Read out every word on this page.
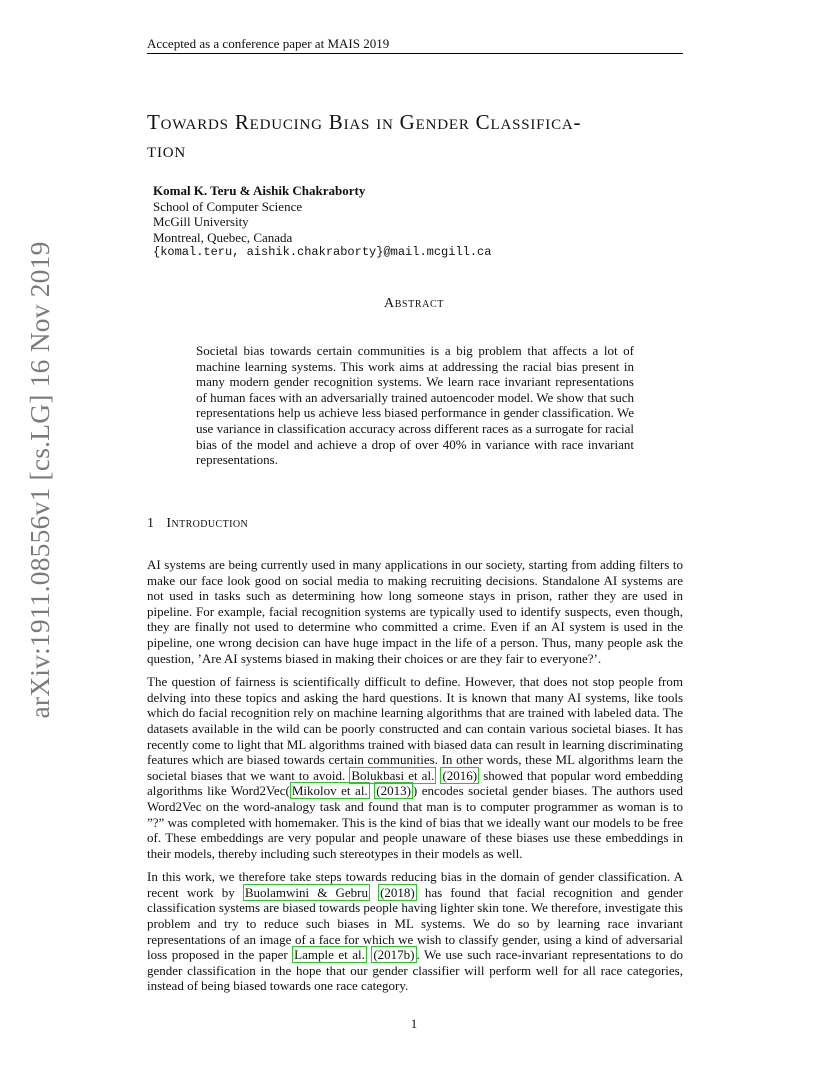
Accepted as a conference paper at MAIS 2019
arXiv:1911.08556v1 [cs.LG] 16 Nov 2019
Towards Reducing Bias in Gender Classifica-
tion
Komal K. Teru & Aishik Chakraborty
School of Computer Science
McGill University
Montreal, Quebec, Canada
{komal.teru, aishik.chakraborty}@mail.mcgill.ca
Abstract
Societal bias towards certain communities is a big problem that affects a lot of machine learning systems. This work aims at addressing the racial bias present in many modern gender recognition systems. We learn race invariant representations of human faces with an adversarially trained autoencoder model. We show that such representations help us achieve less biased performance in gender classification. We use variance in classification accuracy across different races as a surrogate for racial bias of the model and achieve a drop of over 40% in variance with race invariant representations.
1 Introduction

AI systems are being currently used in many applications in our society, starting from adding filters to make our face look good on social media to making recruiting decisions. Standalone AI systems are not used in tasks such as determining how long someone stays in prison, rather they are used in pipeline. For example, facial recognition systems are typically used to identify suspects, even though, they are finally not used to determine who committed a crime. Even if an AI system is used in the pipeline, one wrong decision can have huge impact in the life of a person. Thus, many people ask the question, ’Are AI systems biased in making their choices or are they fair to everyone?’.

The question of fairness is scientifically difficult to define. However, that does not stop people from delving into these topics and asking the hard questions. It is known that many AI systems, like tools which do facial recognition rely on machine learning algorithms that are trained with labeled data. The datasets available in the wild can be poorly constructed and can contain various societal biases. It has recently come to light that ML algorithms trained with biased data can result in learning discriminating features which are biased towards certain communities. In other words, these ML algorithms learn the societal biases that we want to avoid. Bolukbasi et al. (2016) showed that popular word embedding algorithms like Word2Vec( Mikolov et al. (2013) ) encodes societal gender biases. The authors used Word2Vec on the word-analogy task and found that man is to computer programmer as woman is to ”?” was completed with homemaker. This is the kind of bias that we ideally want our models to be free of. These embeddings are very popular and people unaware of these biases use these embeddings in their models, thereby including such stereotypes in their models as well.

In this work, we therefore take steps towards reducing bias in the domain of gender classification. A recent work by Buolamwini & Gebru (2018) has found that facial recognition and gender classification systems are biased towards people having lighter skin tone. We therefore, investigate this problem and try to reduce such biases in ML systems. We do so by learning race invariant representations of an image of a face for which we wish to classify gender, using a kind of adversarial loss proposed in the paper Lample et al. (2017b) . We use such race-invariant representations to do gender classification in the hope that our gender classifier will perform well for all race categories, instead of being biased towards one race category.

1
